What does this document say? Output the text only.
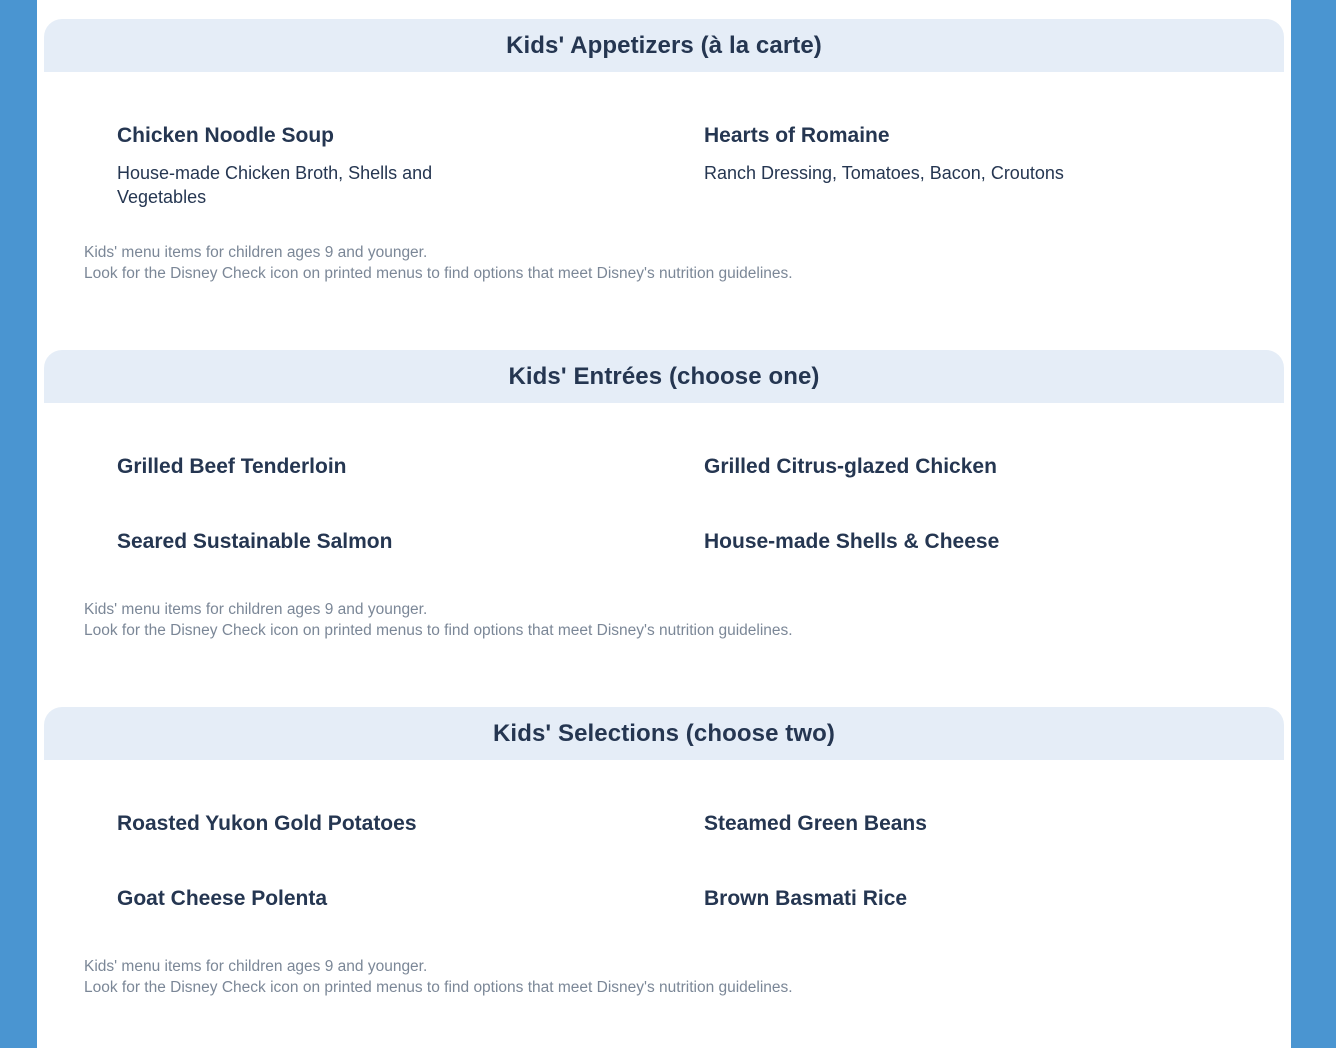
Kids' Appetizers (à la carte)
Chicken Noodle Soup
House-made Chicken Broth, Shells and Vegetables
Hearts of Romaine
Ranch Dressing, Tomatoes, Bacon, Croutons
Kids' menu items for children ages 9 and younger.
Look for the Disney Check icon on printed menus to find options that meet Disney's nutrition guidelines.
Kids' Entrées (choose one)
Grilled Beef Tenderloin	Grilled Citrus-glazed Chicken
Seared Sustainable Salmon	House-made Shells & Cheese
Kids' menu items for children ages 9 and younger.
Look for the Disney Check icon on printed menus to find options that meet Disney's nutrition guidelines.
Kids' Selections (choose two)
Roasted Yukon Gold Potatoes	Steamed Green Beans
Goat Cheese Polenta	Brown Basmati Rice
Kids' menu items for children ages 9 and younger.
Look for the Disney Check icon on printed menus to find options that meet Disney's nutrition guidelines.
